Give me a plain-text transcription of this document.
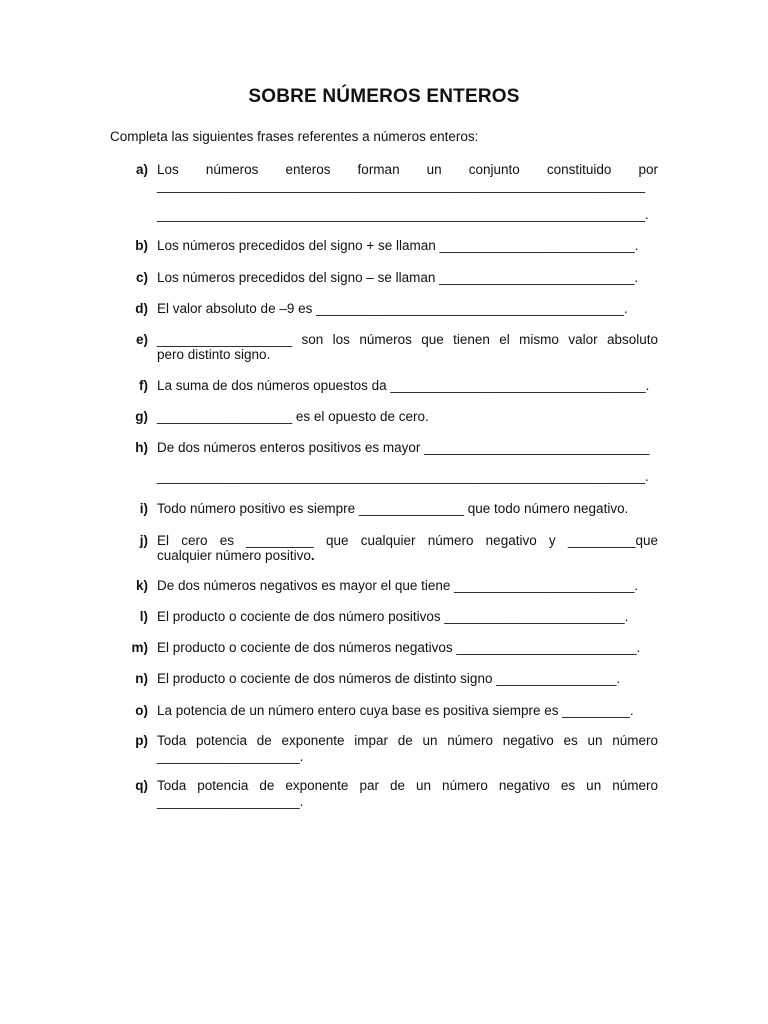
SOBRE NÚMEROS ENTEROS
Completa las siguientes frases referentes a números enteros:
a) Los números enteros forman un conjunto constituido por
_________________________________________________________________
_________________________________________________________________.
b) Los números precedidos del signo + se llaman __________________________.
c) Los números precedidos del signo – se llaman __________________________.
d) El valor absoluto de –9 es _________________________________________.
e) __________________ son los números que tienen el mismo valor absoluto
pero distinto signo.
f) La suma de dos números opuestos da __________________________________.
g) __________________ es el opuesto de cero.
h) De dos números enteros positivos es mayor ______________________________
_________________________________________________________________.
i) Todo número positivo es siempre ______________ que todo número negativo.
j) El cero es _________ que cualquier número negativo y _________que
cualquier número positivo.
k) De dos números negativos es mayor el que tiene ________________________.
l) El producto o cociente de dos número positivos ________________________.
m) El producto o cociente de dos números negativos ________________________.
n) El producto o cociente de dos números de distinto signo ________________.
o) La potencia de un número entero cuya base es positiva siempre es _________.
p) Toda potencia de exponente impar de un número negativo es un número
___________________.
q) Toda potencia de exponente par de un número negativo es un número
___________________.
